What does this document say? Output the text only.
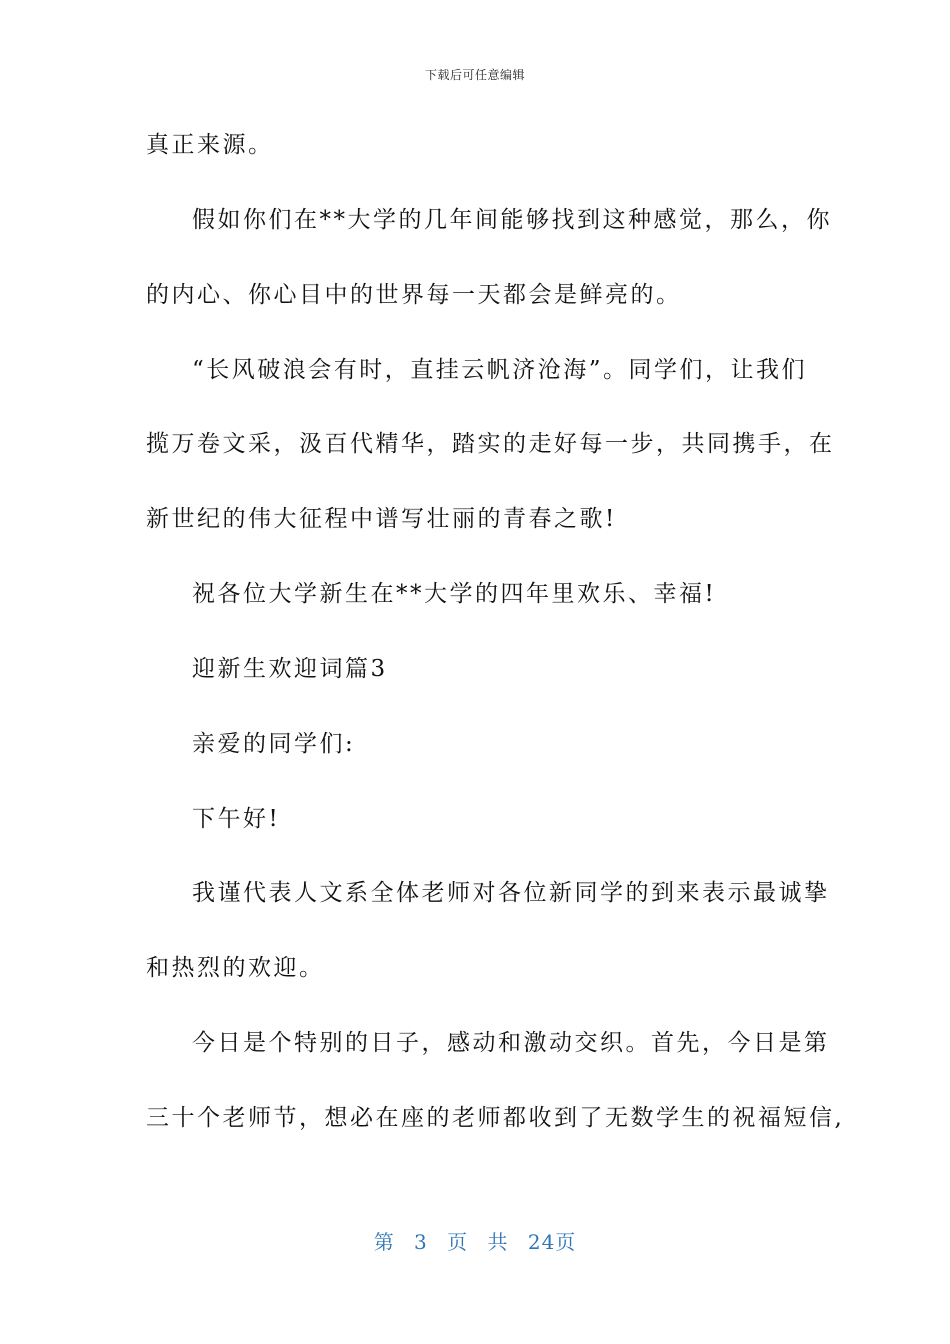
下载后可任意编辑
真正来源。
假如你们在**大学的几年间能够找到这种感觉，那么，你
的内心、你心目中的世界每一天都会是鲜亮的。
“长风破浪会有时，直挂云帆济沧海”。同学们，让我们
揽万卷文采，汲百代精华，踏实的走好每一步，共同携手，在
新世纪的伟大征程中谱写壮丽的青春之歌!
祝各位大学新生在**大学的四年里欢乐、幸福!
迎新生欢迎词篇3
亲爱的同学们:
下午好!
我谨代表人文系全体老师对各位新同学的到来表示最诚挚
和热烈的欢迎。
今日是个特别的日子，感动和激动交织。首先，今日是第
三十个老师节，想必在座的老师都收到了无数学生的祝福短信,
第 3 页 共 24页
